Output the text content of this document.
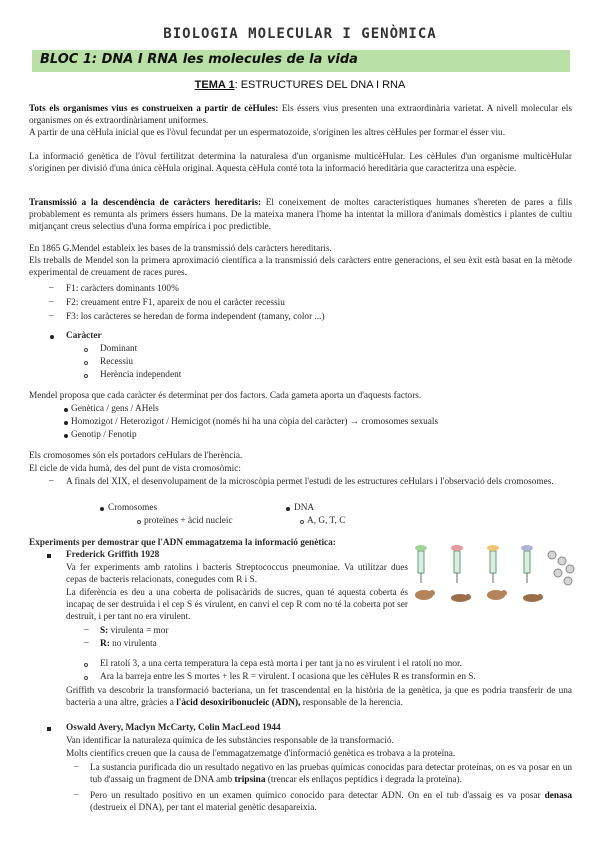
BIOLOGIA MOLECULAR I GENÒMICA
BLOC 1: DNA I RNA les molecules de la vida
TEMA 1: ESTRUCTURES DEL DNA I RNA
Tots els organismes vius es construeixen a partir de cèHules: Els éssers vius presenten una extraordinària varietat. A nivell molecular els organismes on és extraordinàriament uniformes.
A partir de una cèHula inicial que es l'òvul fecundat per un espermatozoide, s'originen les altres cèHules per formar el ésser viu.
La informació genètica de l'òvul fertilitzat determina la naturalesa d'un organisme multicèHular. Les cèHules d'un organisme multicèHular s'originen per divisió d'una única cèHula original. Aquesta cèHula conté tota la informació hereditària que caracteritza una espècie.
Transmissió a la descendència de caràcters hereditaris: El coneixement de moltes característiques humanes s'hereten de pares a fills probablement es remunta als primers éssers humans. De la mateixa manera l'home ha intentat la millora d'animals domèstics i plantes de cultiu mitjançant creus selectius d'una forma empírica i poc predictible.
En 1865 G.Mendel estableix les bases de la transmissió dels caràcters hereditaris.
Els treballs de Mendel son la primera aproximació científica a la transmissió dels caràcters entre generacions, el seu èxit està basat en la mètode experimental de creuament de races pures.
– F1: caràcters dominants 100%
– F2: creuament entre F1, apareix de nou el caràcter recessiu
– F3: los caràcteres se heredan de forma independent (tamany, color ...)
Caràcter
Dominant
Recessiu
Herència independent
Mendel proposa que cada caràcter és determinat per dos factors. Cada gameta aporta un d'aquests factors.
Genètica / gens / AHels
Homozigot / Heterozigot / Hemicigot (només hi ha una còpia del caràcter) → cromosomes sexuals
Genotip / Fenotip
Els cromosomes són els portadors ceHulars de l'herència.
El cicle de vida humà, des del punt de vista cromosòmic:
– A finals del XIX, el desenvolupament de la microscòpia permet l'estudi de les estructures ceHulars i l'observació dels cromosomes.
Cromosomes
proteïnes + àcid nucleic
DNA
A, G, T, C
Experiments per demostrar que l'ADN emmagatzema la informació genètica:
Frederick Griffith 1928
Va fer experiments amb ratolins i bacteris Streptococcus pneumoniae. Va utilitzar dues cepas de bacteris relacionats, conegudes com R i S.
La diferència es deu a una coberta de polisacàrids de sucres, quan té aquesta coberta és incapaç de ser destruïda i el cep S és virulent, en canvi el cep R com no té la coberta pot ser destruït, i per tant no era virulent.
– S: virulenta = mor
– R: no virulenta
El ratolí 3, a una certa temperatura la cepa està morta i per tant ja no es virulent i el ratolí no mor.
Ara la barreja entre les S mortes + les R = virulent. I ocasiona que les cèHules R es transformin en S.
Griffith va descobrir la transformació bacteriana, un fet trascendental en la història de la genètica, ja que es podria transferir de una bacteria a una altre, gràcies a l'àcid desoxiribonucleic (ADN), responsable de la herencia.
Oswald Avery, Maclyn McCarty, Colin MacLeod 1944
Van identificar la naturaleza química de les substàncies responsable de la transformació.
Molts científics creuen que la causa de l'emmagatzematge d'informació genètica es trobava a la proteïna.
– La sustancia purificada dio un resultado negativo en las pruebas químicas conocidas para detectar proteínas, on es va posar en un tub d'assaig un fragment de DNA amb tripsina (trencar els enllaços peptídics i degrada la proteïna).
– Pero un resultado positivo en un examen químico conocido para detectar ADN. On en el tub d'assaig es va posar denasa (destrueix el DNA), per tant el material genètic desapareixia.
